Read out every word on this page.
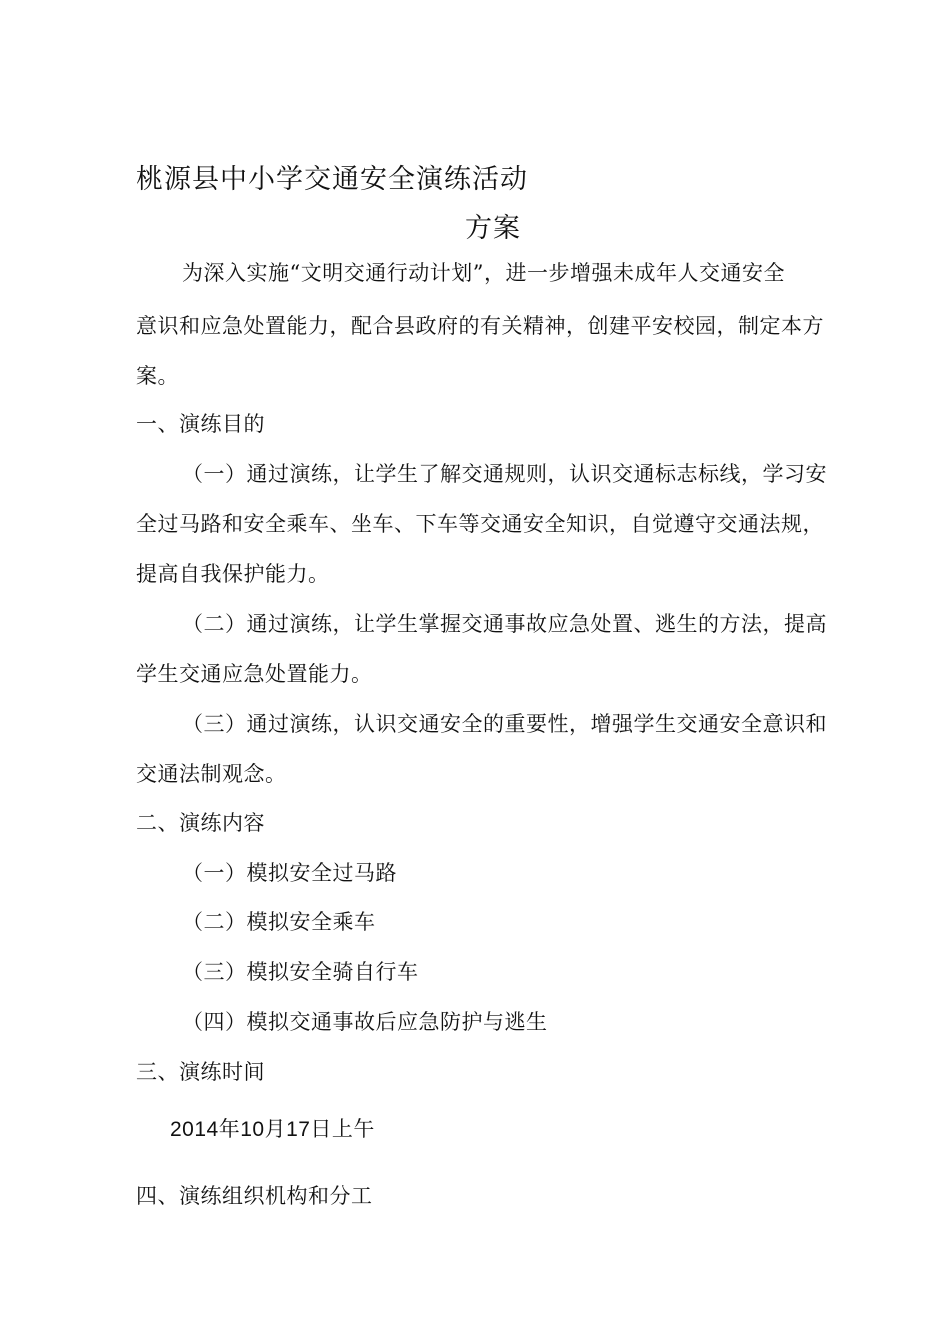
桃源县中小学交通安全演练活动
方案
为深入实施“文明交通行动计划”，进一步增强未成年人交通安全
意识和应急处置能力，配合县政府的有关精神，创建平安校园，制定本方
案。
一、演练目的
（一）通过演练，让学生了解交通规则，认识交通标志标线，学习安
全过马路和安全乘车、坐车、下车等交通安全知识，自觉遵守交通法规，
提高自我保护能力。
（二）通过演练，让学生掌握交通事故应急处置、逃生的方法，提高
学生交通应急处置能力。
（三）通过演练，认识交通安全的重要性，增强学生交通安全意识和
交通法制观念。
二、演练内容
（一）模拟安全过马路
（二）模拟安全乘车
（三）模拟安全骑自行车
（四）模拟交通事故后应急防护与逃生
三、演练时间
2014年10月17日上午
四、演练组织机构和分工
